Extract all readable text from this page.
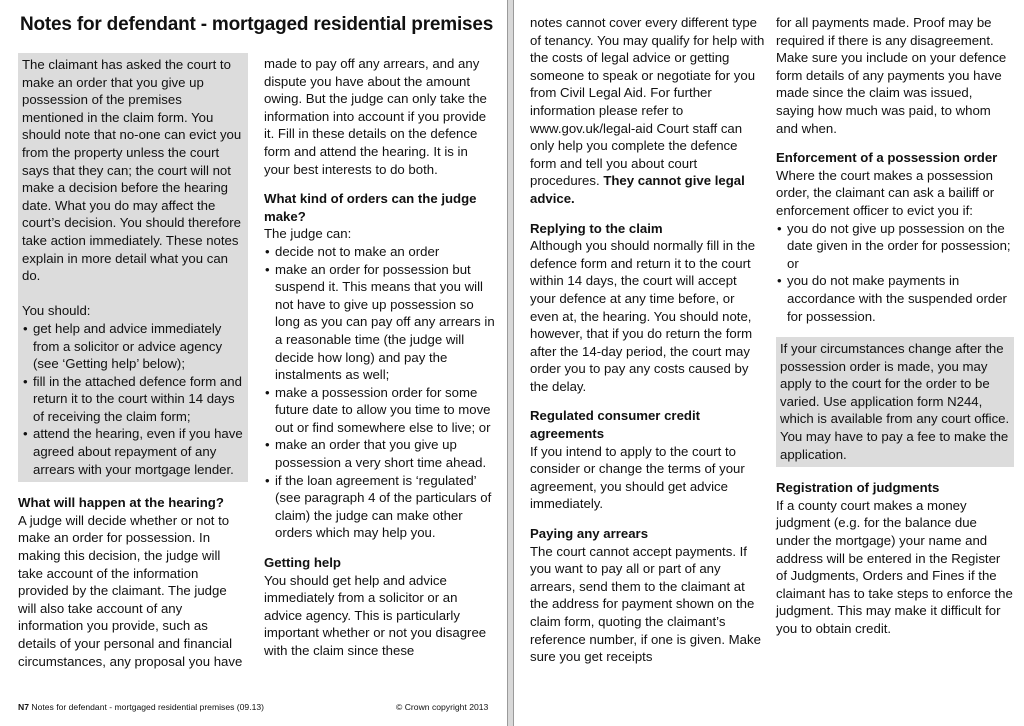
Notes for defendant - mortgaged residential premises

The claimant has asked the court to make an order that you give up possession of the premises mentioned in the claim form. You should note that no-one can evict you from the property unless the court says that they can; the court will not make a decision before the hearing date. What you do may affect the court’s decision. You should therefore take action immediately. These notes explain in more detail what you can do.

You should:

• get help and advice immediately from a solicitor or advice agency (see ‘Getting help’ below);
• fill in the attached defence form and return it to the court within 14 days of receiving the claim form;
• attend the hearing, even if you have agreed about repayment of any arrears with your mortgage lender.
What will happen at the hearing?

A judge will decide whether or not to make an order for possession. In making this decision, the judge will take account of the information provided by the claimant. The judge will also take account of any information you provide, such as details of your personal and financial circumstances, any proposal you have

made to pay off any arrears, and any dispute you have about the amount owing. But the judge can only take the information into account if you provide it. Fill in these details on the defence form and attend the hearing. It is in your best interests to do both.

What kind of orders can the judge make?

The judge can:

• decide not to make an order
• make an order for possession but suspend it. This means that you will not have to give up possession so long as you can pay off any arrears in a reasonable time (the judge will decide how long) and pay the instalments as well;
• make a possession order for some future date to allow you time to move out or find somewhere else to live; or
• make an order that you give up possession a very short time ahead.
• if the loan agreement is ‘regulated’ (see paragraph 4 of the particulars of claim) the judge can make other orders which may help you.
Getting help

You should get help and advice immediately from a solicitor or an advice agency. This is particularly important whether or not you disagree with the claim since these

N7 Notes for defendant - mortgaged residential premises (09.13)	© Crown copyright 2013

notes cannot cover every different type of tenancy. You may qualify for help with the costs of legal advice or getting someone to speak or negotiate for you from Civil Legal Aid. For further information please refer to www.gov.uk/legal-aid Court staff can only help you complete the defence form and tell you about court procedures. They cannot give legal advice.

Replying to the claim

Although you should normally fill in the defence form and return it to the court within 14 days, the court will accept your defence at any time before, or even at, the hearing. You should note, however, that if you do return the form after the 14-day period, the court may order you to pay any costs caused by the delay.

Regulated consumer credit agreements

If you intend to apply to the court to consider or change the terms of your agreement, you should get advice immediately.

Paying any arrears

The court cannot accept payments. If you want to pay all or part of any arrears, send them to the claimant at the address for payment shown on the claim form, quoting the claimant’s reference number, if one is given. Make sure you get receipts

for all payments made. Proof may be required if there is any disagreement. Make sure you include on your defence form details of any payments you have made since the claim was issued, saying how much was paid, to whom and when.

Enforcement of a possession order

Where the court makes a possession order, the claimant can ask a bailiff or enforcement officer to evict you if:

• you do not give up possession on the date given in the order for possession; or
• you do not make payments in accordance with the suspended order for possession.

If your circumstances change after the possession order is made, you may apply to the court for the order to be varied. Use application form N244, which is available from any court office. You may have to pay a fee to make the application.

Registration of judgments

If a county court makes a money judgment (e.g. for the balance due under the mortgage) your name and address will be entered in the Register of Judgments, Orders and Fines if the claimant has to take steps to enforce the judgment. This may make it difficult for you to obtain credit.
